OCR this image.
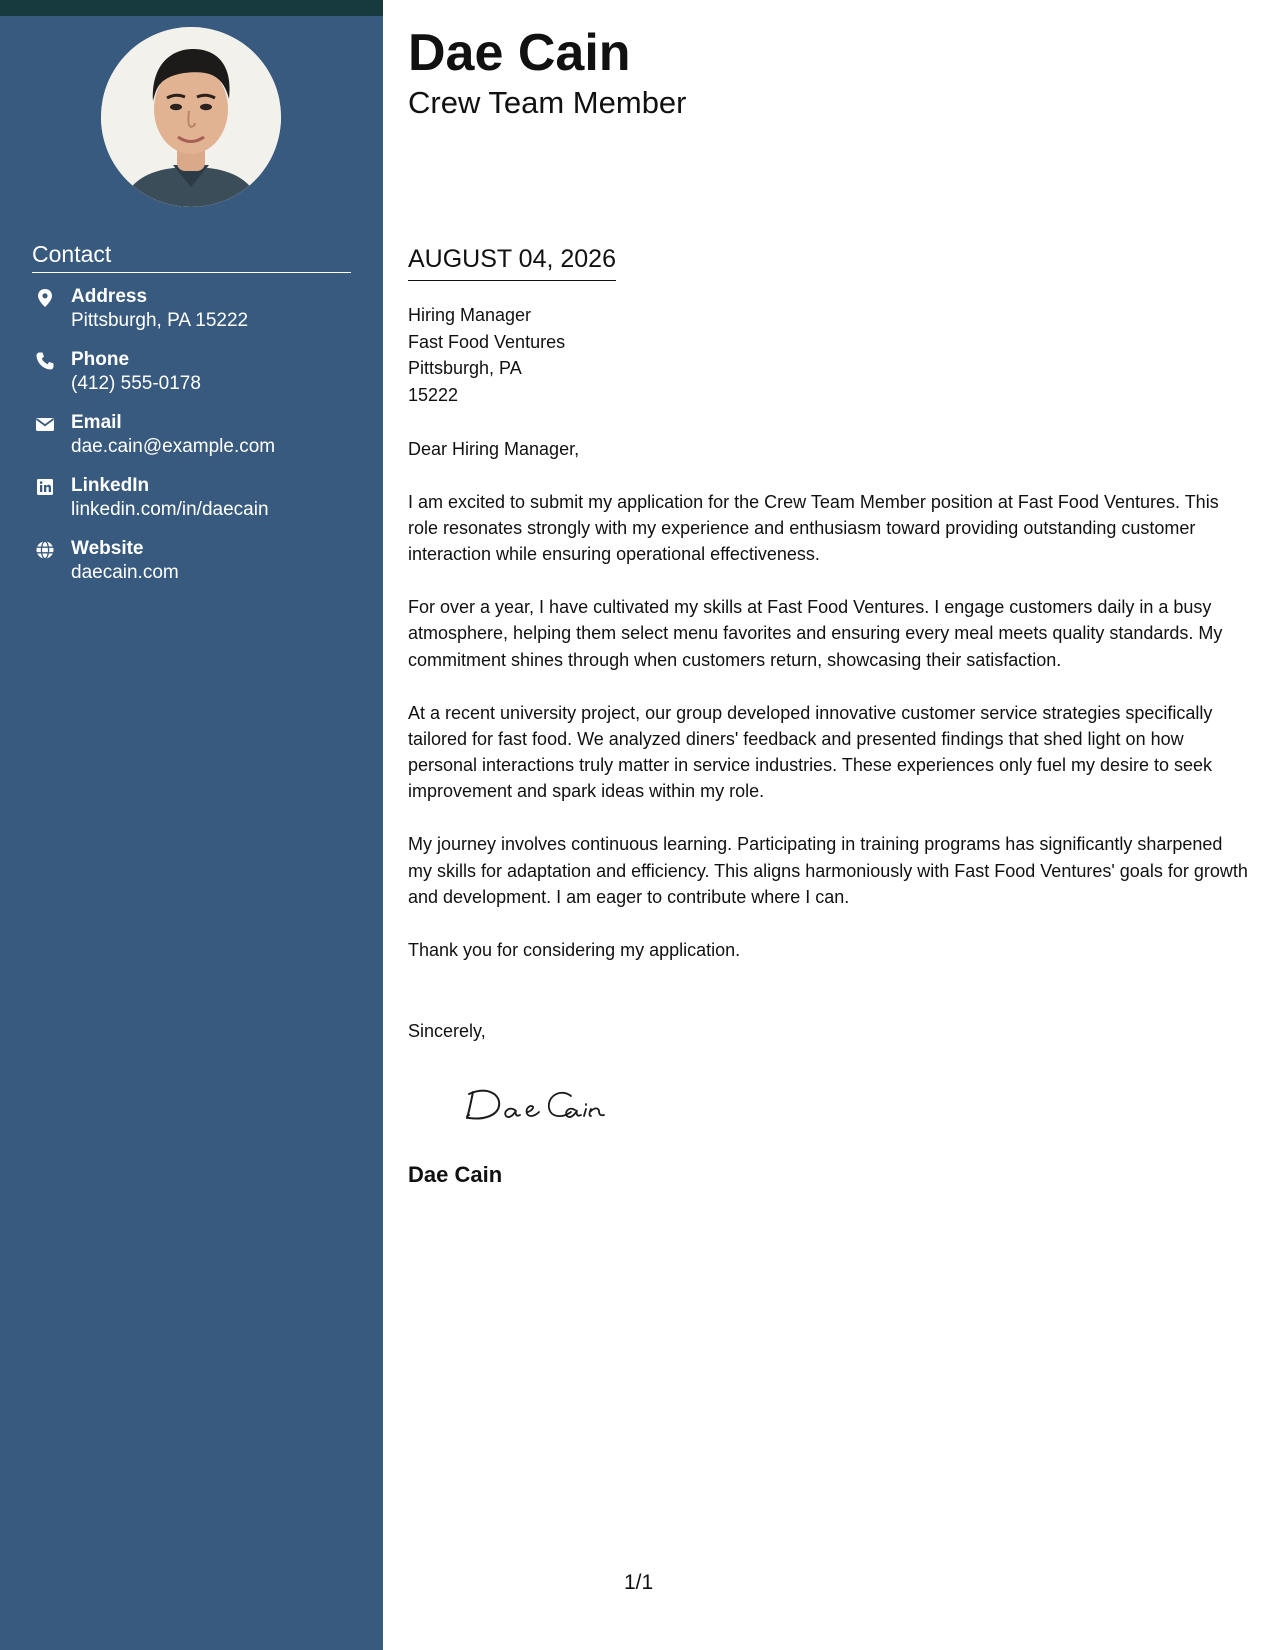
Contact
Address
Pittsburgh, PA 15222
Phone
(412) 555-0178
Email
dae.cain@example.com
LinkedIn
linkedin.com/in/daecain
Website
daecain.com
Dae Cain
Crew Team Member
AUGUST 04, 2026
Hiring Manager
Fast Food Ventures
Pittsburgh, PA
15222

Dear Hiring Manager,

I am excited to submit my application for the Crew Team Member position at Fast Food Ventures. This role resonates strongly with my experience and enthusiasm toward providing outstanding customer interaction while ensuring operational effectiveness.

For over a year, I have cultivated my skills at Fast Food Ventures. I engage customers daily in a busy atmosphere, helping them select menu favorites and ensuring every meal meets quality standards. My commitment shines through when customers return, showcasing their satisfaction.

At a recent university project, our group developed innovative customer service strategies specifically tailored for fast food. We analyzed diners' feedback and presented findings that shed light on how personal interactions truly matter in service industries. These experiences only fuel my desire to seek improvement and spark ideas within my role.

My journey involves continuous learning. Participating in training programs has significantly sharpened my skills for adaptation and efficiency. This aligns harmoniously with Fast Food Ventures' goals for growth and development. I am eager to contribute where I can.

Thank you for considering my application.

Sincerely,
Dae Cain
1/1
